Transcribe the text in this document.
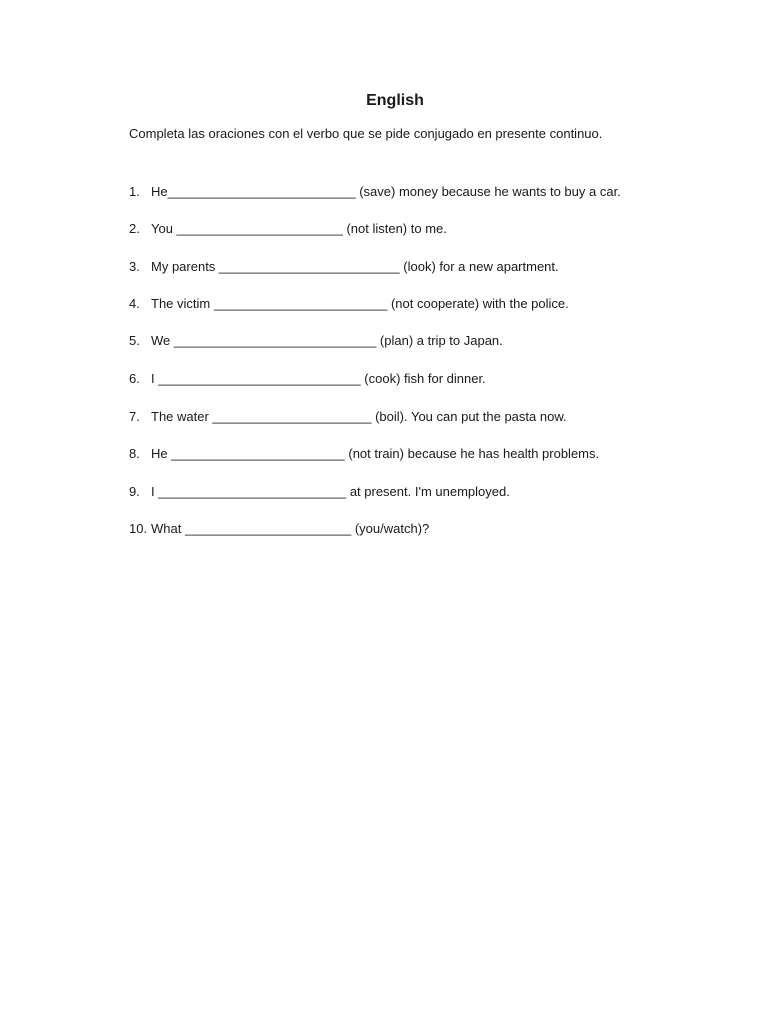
English
Completa las oraciones con el verbo que se pide conjugado en presente continuo.
1. He__________________________ (save) money because he wants to buy a car.
2. You _______________________ (not listen) to me.
3. My parents _________________________ (look) for a new apartment.
4. The victim ________________________ (not cooperate) with the police.
5. We ____________________________ (plan) a trip to Japan.
6. I ____________________________ (cook) fish for dinner.
7. The water ______________________ (boil). You can put the pasta now.
8. He ________________________ (not train) because he has health problems.
9. I __________________________ at present. I'm unemployed.
10. What _______________________ (you/watch)?
